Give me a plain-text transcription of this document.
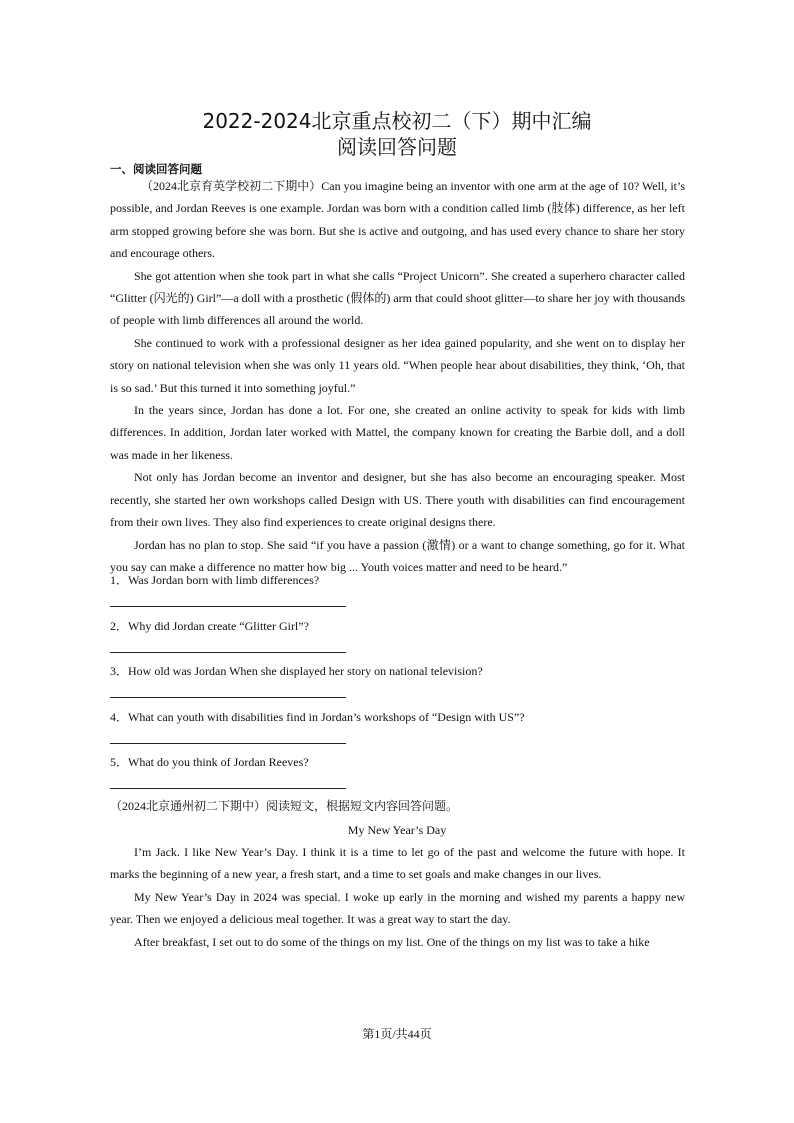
2022-2024北京重点校初二（下）期中汇编
阅读回答问题
一、阅读回答问题

（2024北京育英学校初二下期中）Can you imagine being an inventor with one arm at the age of 10? Well, it’s possible, and Jordan Reeves is one example. Jordan was born with a condition called limb (肢体) difference, as her left arm stopped growing before she was born. But she is active and outgoing, and has used every chance to share her story and encourage others.

She got attention when she took part in what she calls “Project Unicorn”. She created a superhero character called “Glitter (闪光的) Girl”—a doll with a prosthetic (假体的) arm that could shoot glitter—to share her joy with thousands of people with limb differences all around the world.

She continued to work with a professional designer as her idea gained popularity, and she went on to display her story on national television when she was only 11 years old. “When people hear about disabilities, they think, ‘Oh, that is so sad.’ But this turned it into something joyful.”

In the years since, Jordan has done a lot. For one, she created an online activity to speak for kids with limb differences. In addition, Jordan later worked with Mattel, the company known for creating the Barbie doll, and a doll was made in her likeness.

Not only has Jordan become an inventor and designer, but she has also become an encouraging speaker. Most recently, she started her own workshops called Design with US. There youth with disabilities can find encouragement from their own lives. They also find experiences to create original designs there.

Jordan has no plan to stop. She said “if you have a passion (激情) or a want to change something, go for it. What you say can make a difference no matter how big ... Youth voices matter and need to be heard.”

1．Was Jordan born with limb differences?
2．Why did Jordan create “Glitter Girl”?
3．How old was Jordan When she displayed her story on national television?
4．What can youth with disabilities find in Jordan’s workshops of “Design with US”?
5．What do you think of Jordan Reeves?
（2024北京通州初二下期中）阅读短文，根据短文内容回答问题。
My New Year’s Day

I’m Jack. I like New Year’s Day. I think it is a time to let go of the past and welcome the future with hope. It marks the beginning of a new year, a fresh start, and a time to set goals and make changes in our lives.

My New Year’s Day in 2024 was special. I woke up early in the morning and wished my parents a happy new year. Then we enjoyed a delicious meal together. It was a great way to start the day.

After breakfast, I set out to do some of the things on my list. One of the things on my list was to take a hike

第1页/共44页
